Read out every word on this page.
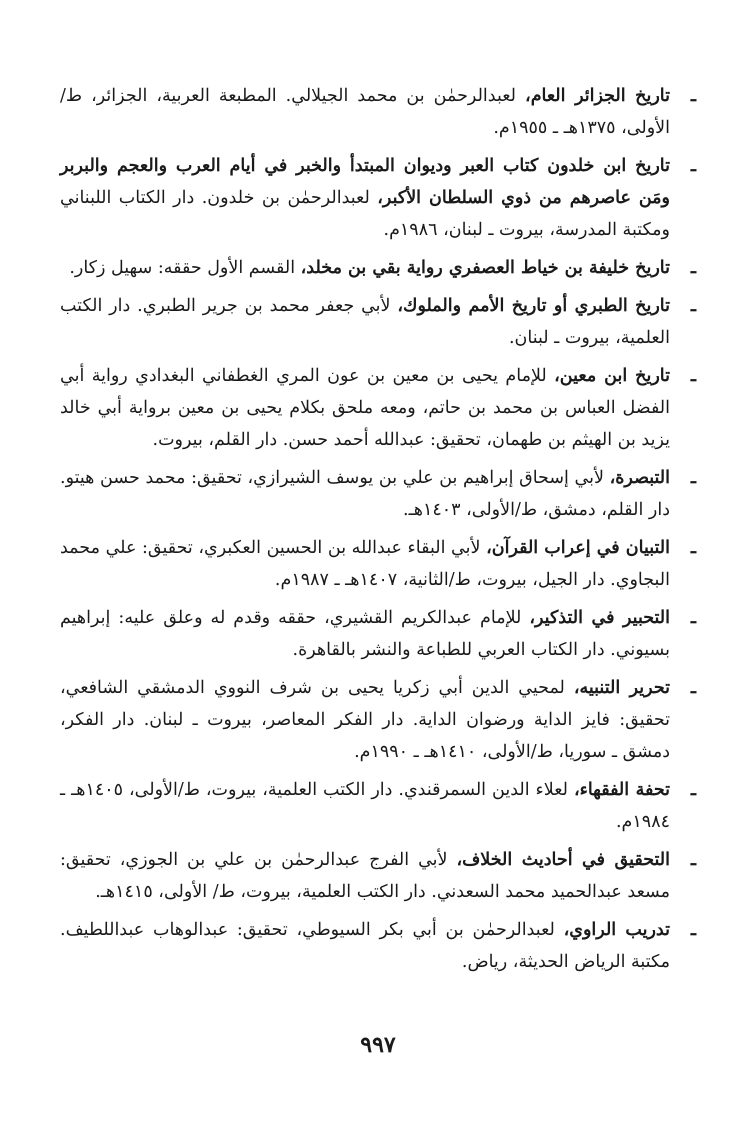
ـ
تاريخ الجزائر العام، لعبدالرحمٰن بن محمد الجيلالي. المطبعة العربية، الجزائر، ط/الأولى، ١٣٧٥هـ ـ ١٩٥٥م.
ـ
تاريخ ابن خلدون كتاب العبر وديوان المبتدأ والخبر في أيام العرب والعجم والبربر ومَن عاصرهم من ذوي السلطان الأكبر، لعبدالرحمٰن بن خلدون. دار الكتاب اللبناني ومكتبة المدرسة، بيروت ـ لبنان، ١٩٨٦م.
ـ
تاريخ خليفة بن خياط العصفري رواية بقي بن مخلد، القسم الأول حققه: سهيل زكار.
ـ
تاريخ الطبري أو تاريخ الأمم والملوك، لأبي جعفر محمد بن جرير الطبري. دار الكتب العلمية، بيروت ـ لبنان.
ـ
تاريخ ابن معين، للإمام يحيى بن معين بن عون المري الغطفاني البغدادي رواية أبي الفضل العباس بن محمد بن حاتم، ومعه ملحق بكلام يحيى بن معين برواية أبي خالد يزيد بن الهيثم بن طهمان، تحقيق: عبدالله أحمد حسن. دار القلم، بيروت.
ـ
التبصرة، لأبي إسحاق إبراهيم بن علي بن يوسف الشيرازي، تحقيق: محمد حسن هيتو. دار القلم، دمشق، ط/الأولى، ١٤٠٣هـ.
ـ
التبيان في إعراب القرآن، لأبي البقاء عبدالله بن الحسين العكبري، تحقيق: علي محمد البجاوي. دار الجيل، بيروت، ط/الثانية، ١٤٠٧هـ ـ ١٩٨٧م.
ـ
التحبير في التذكير، للإمام عبدالكريم القشيري، حققه وقدم له وعلق عليه: إبراهيم بسيوني. دار الكتاب العربي للطباعة والنشر بالقاهرة.
ـ
تحرير التنبيه، لمحيي الدين أبي زكريا يحيى بن شرف النووي الدمشقي الشافعي، تحقيق: فايز الداية ورضوان الداية. دار الفكر المعاصر، بيروت ـ لبنان. دار الفكر، دمشق ـ سوريا، ط/الأولى، ١٤١٠هـ ـ ١٩٩٠م.
ـ
تحفة الفقهاء، لعلاء الدين السمرقندي. دار الكتب العلمية، بيروت، ط/الأولى، ١٤٠٥هـ ـ ١٩٨٤م.
ـ
التحقيق في أحاديث الخلاف، لأبي الفرج عبدالرحمٰن بن علي بن الجوزي، تحقيق: مسعد عبدالحميد محمد السعدني. دار الكتب العلمية، بيروت، ط/ الأولى، ١٤١٥هـ.
ـ
تدريب الراوي، لعبدالرحمٰن بن أبي بكر السيوطي، تحقيق: عبدالوهاب عبداللطيف. مكتبة الرياض الحديثة، رياض.
٩٩٧
